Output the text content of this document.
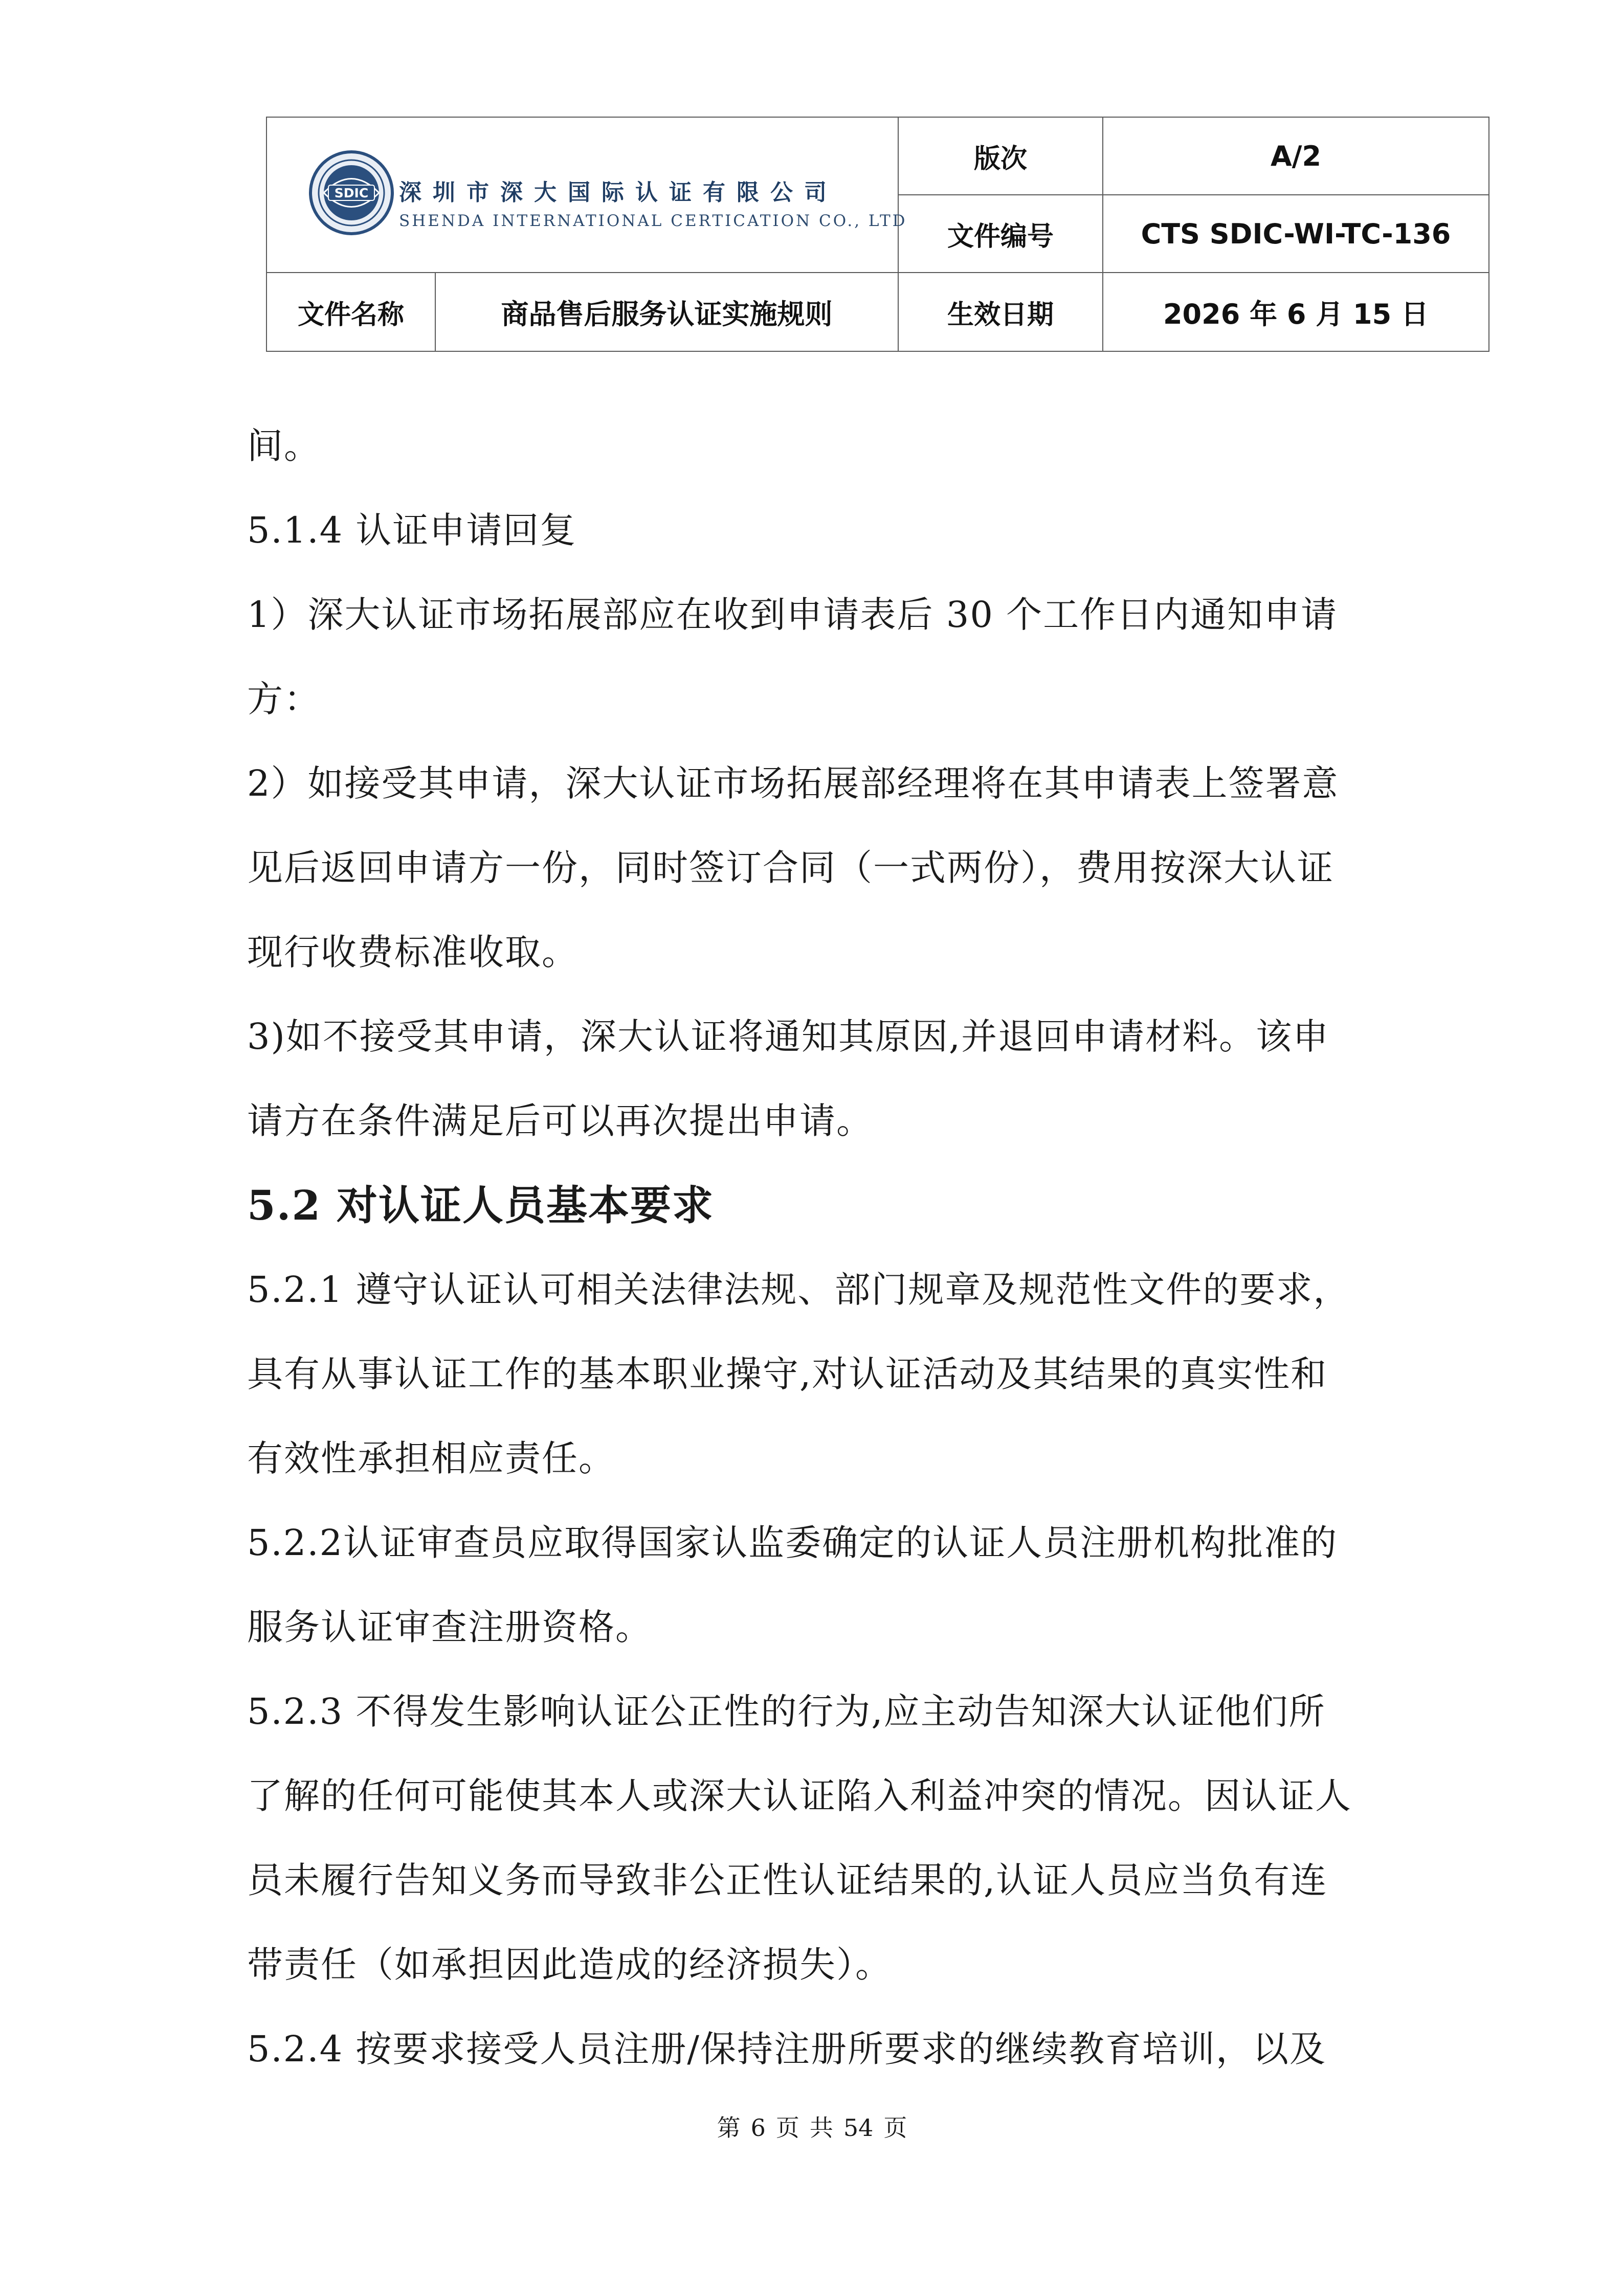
SDIC 深圳市深大国际认证有限公司
SHENDA INTERNATIONAL CERTICATION CO., LTD		版次	A/2
		文件编号	CTS SDIC-WI-TC-136
文件名称	商品售后服务认证实施规则	生效日期	2026 年 6 月 15 日

间。

5.1.4 认证申请回复

1）深大认证市场拓展部应在收到申请表后 30 个工作日内通知申请

方：

2）如接受其申请，深大认证市场拓展部经理将在其申请表上签署意

见后返回申请方一份，同时签订合同（一式两份），费用按深大认证

现行收费标准收取。

3)如不接受其申请，深大认证将通知其原因,并退回申请材料。该申

请方在条件满足后可以再次提出申请。

5.2 对认证人员基本要求

5.2.1 遵守认证认可相关法律法规、部门规章及规范性文件的要求，

具有从事认证工作的基本职业操守,对认证活动及其结果的真实性和

有效性承担相应责任。

5.2.2认证审查员应取得国家认监委确定的认证人员注册机构批准的

服务认证审查注册资格。

5.2.3 不得发生影响认证公正性的行为,应主动告知深大认证他们所

了解的任何可能使其本人或深大认证陷入利益冲突的情况。因认证人

员未履行告知义务而导致非公正性认证结果的,认证人员应当负有连

带责任（如承担因此造成的经济损失）。

5.2.4 按要求接受人员注册/保持注册所要求的继续教育培训，以及

第 6 页 共 54 页
